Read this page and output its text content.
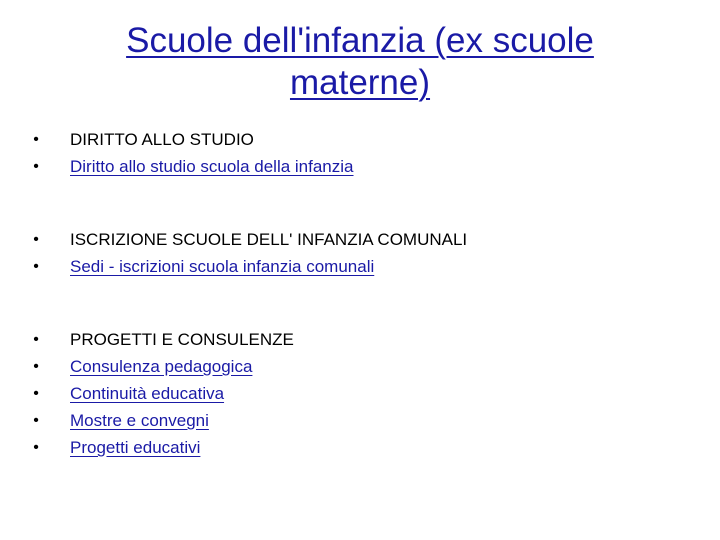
Scuole dell'infanzia (ex scuole materne)
•	DIRITTO ALLO STUDIO
•	Diritto allo studio scuola della infanzia
•	ISCRIZIONE SCUOLE DELL' INFANZIA COMUNALI
•	Sedi - iscrizioni scuola infanzia comunali
•	PROGETTI E CONSULENZE
•	Consulenza pedagogica
•	Continuità educativa
•	Mostre e convegni
•	Progetti educativi
